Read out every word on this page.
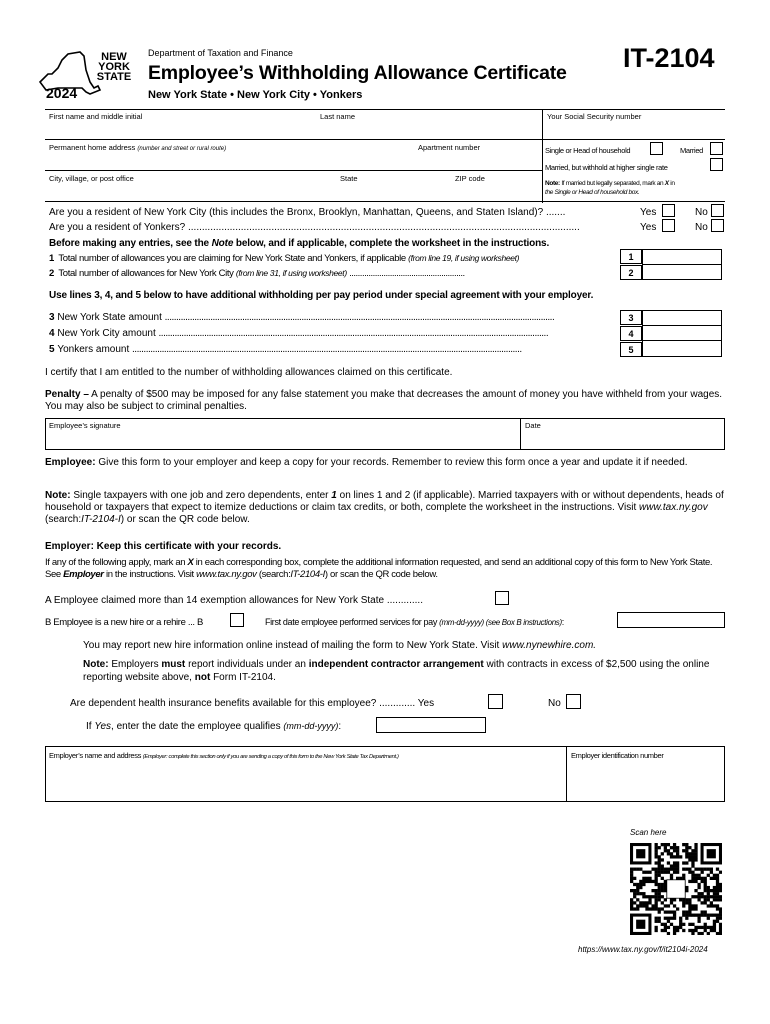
NEW
YORK
STATE
2024
Department of Taxation and Finance
Employee’s Withholding Allowance Certificate
New York State • New York City • Yonkers
IT-2104
First name and middle initial	Last name	Your Social Security number
Permanent home address (number and street or rural route)	Apartment number
City, village, or post office	State	ZIP code
Single or Head of household	Married
Married, but withhold at higher single rate
Note: If married but legally separated, mark an X in
the Single or Head of household box.
Are you a resident of New York City (this includes the Bronx, Brooklyn, Manhattan, Queens, and Staten Island)? .......	Yes	No
Are you a resident of Yonkers? .............................................................................................................................................	Yes	No
Before making any entries, see the Note below, and if applicable, complete the worksheet in the instructions.
1 Total number of allowances you are claiming for New York State and Yonkers, if applicable (from line 19, if using worksheet)	1
2 Total number of allowances for New York City (from line 31, if using worksheet) ......................................................	2
Use lines 3, 4, and 5 below to have additional withholding per pay period under special agreement with your employer.
3 New York State amount ...........................................................................................................................................................................
4 New York City amount ...........................................................................................................................................................................
5 Yonkers amount ...........................................................................................................................................................................
3
4
5
I certify that I am entitled to the number of withholding allowances claimed on this certificate.
Penalty – A penalty of $500 may be imposed for any false statement you make that decreases the amount of money you have withheld from your wages. You may also be subject to criminal penalties.
Employee’s signature	Date
Employee: Give this form to your employer and keep a copy for your records. Remember to review this form once a year and update it if needed.
Note: Single taxpayers with one job and zero dependents, enter 1 on lines 1 and 2 (if applicable). Married taxpayers with or without dependents, heads of household or taxpayers that expect to itemize deductions or claim tax credits, or both, complete the worksheet in the instructions. Visit www.tax.ny.gov (search:IT-2104-I) or scan the QR code below.
Employer: Keep this certificate with your records.
If any of the following apply, mark an X in each corresponding box, complete the additional information requested, and send an additional copy of this form to New York State. See Employer in the instructions. Visit www.tax.ny.gov (search:IT-2104-I) or scan the QR code below.
A Employee claimed more than 14 exemption allowances for New York State .............
B Employee is a new hire or a rehire ... B	First date employee performed services for pay (mm-dd-yyyy) (see Box B instructions):
You may report new hire information online instead of mailing the form to New York State. Visit www.nynewhire.com.
Note: Employers must report individuals under an independent contractor arrangement with contracts in excess of $2,500 using the online reporting website above, not Form IT-2104.
Are dependent health insurance benefits available for this employee? ............. Yes	No
If Yes, enter the date the employee qualifies (mm-dd-yyyy):
Employer’s name and address (Employer: complete this section only if you are sending a copy of this form to the New York State Tax Department.)	Employer identification number
Scan here
https://www.tax.ny.gov/f/it2104i-2024
